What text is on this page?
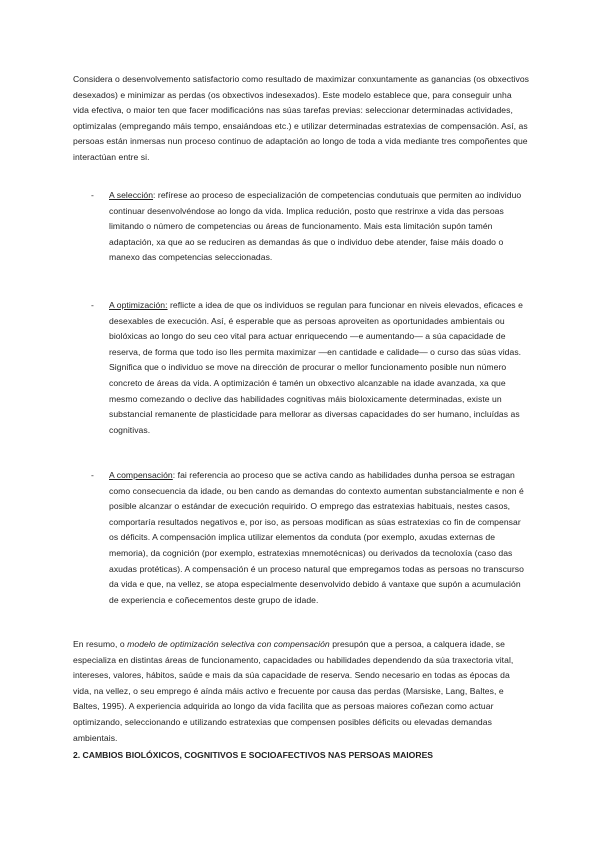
Considera o desenvolvemento satisfactorio como resultado de maximizar conxuntamente as ganancias (os obxectivos desexados) e minimizar as perdas (os obxectivos indesexados). Este modelo establece que, para conseguir unha vida efectiva, o maior ten que facer modificacións nas súas tarefas previas: seleccionar determinadas actividades, optimizalas (empregando máis tempo, ensaiándoas etc.) e utilizar determinadas estratexias de compensación. Así, as persoas están inmersas nun proceso continuo de adaptación ao longo de toda a vida mediante tres compoñentes que interactúan entre si.

- A selección: refírese ao proceso de especialización de competencias condutuais que permiten ao individuo continuar desenvolvéndose ao longo da vida. Implica redución, posto que restrinxe a vida das persoas limitando o número de competencias ou áreas de funcionamento. Mais esta limitación supón tamén adaptación, xa que ao se reduciren as demandas ás que o individuo debe atender, faise máis doado o manexo das competencias seleccionadas.

- A optimización: reflicte a idea de que os individuos se regulan para funcionar en niveis elevados, eficaces e desexables de execución. Así, é esperable que as persoas aproveiten as oportunidades ambientais ou biolóxicas ao longo do seu ceo vital para actuar enriquecendo —e aumentando— a súa capacidade de reserva, de forma que todo iso lles permita maximizar —en cantidade e calidade— o curso das súas vidas. Significa que o individuo se move na dirección de procurar o mellor funcionamento posible nun número concreto de áreas da vida. A optimización é tamén un obxectivo alcanzable na idade avanzada, xa que mesmo comezando o declive das habilidades cognitivas máis bioloxicamente determinadas, existe un substancial remanente de plasticidade para mellorar as diversas capacidades do ser humano, incluídas as cognitivas.

- A compensación: fai referencia ao proceso que se activa cando as habilidades dunha persoa se estragan como consecuencia da idade, ou ben cando as demandas do contexto aumentan substancialmente e non é posible alcanzar o estándar de execución requirido. O emprego das estratexias habituais, nestes casos, comportaría resultados negativos e, por iso, as persoas modifican as súas estratexias co fin de compensar os déficits. A compensación implica utilizar elementos da conduta (por exemplo, axudas externas de memoria), da cognición (por exemplo, estratexias mnemotécnicas) ou derivados da tecnoloxía (caso das axudas protéticas). A compensación é un proceso natural que empregamos todas as persoas no transcurso da vida e que, na vellez, se atopa especialmente desenvolvido debido á vantaxe que supón a acumulación de experiencia e coñecementos deste grupo de idade.

En resumo, o modelo de optimización selectiva con compensación presupón que a persoa, a calquera idade, se especializa en distintas áreas de funcionamento, capacidades ou habilidades dependendo da súa traxectoria vital, intereses, valores, hábitos, saúde e mais da súa capacidade de reserva. Sendo necesario en todas as épocas da vida, na vellez, o seu emprego é aínda máis activo e frecuente por causa das perdas (Marsiske, Lang, Baltes, e Baltes, 1995). A experiencia adquirida ao longo da vida facilita que as persoas maiores coñezan como actuar optimizando, seleccionando e utilizando estratexias que compensen posibles déficits ou elevadas demandas ambientais.

2. CAMBIOS BIOLÓXICOS, COGNITIVOS E SOCIOAFECTIVOS NAS PERSOAS MAIORES
